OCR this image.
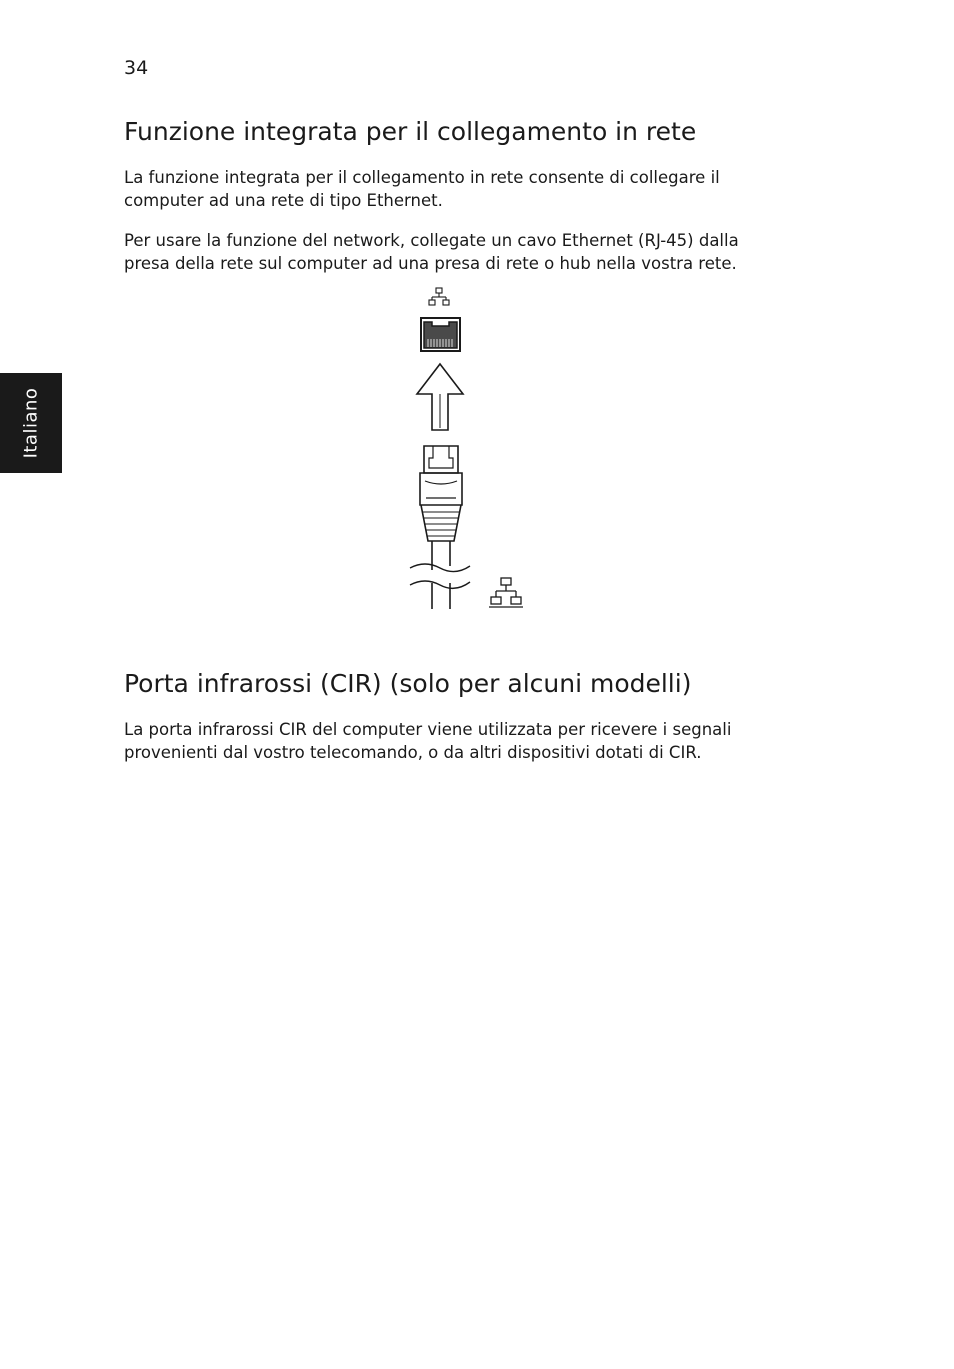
34
Italiano
Funzione integrata per il collegamento in rete
La funzione integrata per il collegamento in rete consente di collegare il
computer ad una rete di tipo Ethernet.
Per usare la funzione del network, collegate un cavo Ethernet (RJ-45) dalla
presa della rete sul computer ad una presa di rete o hub nella vostra rete.
Porta infrarossi (CIR) (solo per alcuni modelli)
La porta infrarossi CIR del computer viene utilizzata per ricevere i segnali
provenienti dal vostro telecomando, o da altri dispositivi dotati di CIR.
